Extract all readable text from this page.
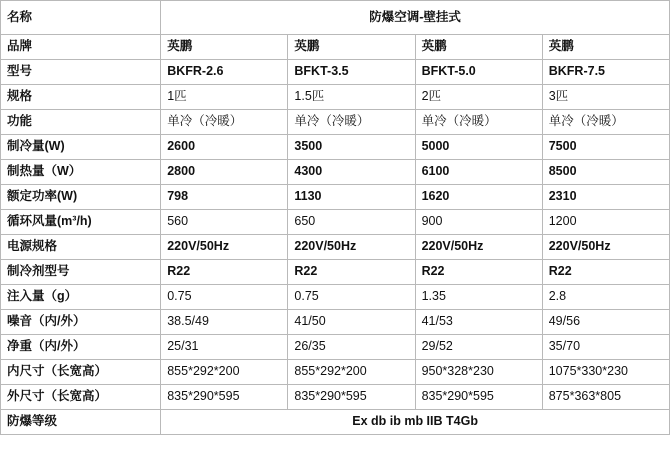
名称	防爆空调-壁挂式			
品牌	英鹏	英鹏	英鹏	英鹏
型号	BKFR-2.6	BFKT-3.5	BFKT-5.0	BKFR-7.5
规格	1匹	1.5匹	2匹	3匹
功能	单冷（冷暖）	单冷（冷暖）	单冷（冷暖）	单冷（冷暖）
制冷量(W)	2600	3500	5000	7500
制热量（W）	2800	4300	6100	8500
额定功率(W)	798	1130	1620	2310
循环风量(m³/h)	560	650	900	1200
电源规格	220V/50Hz	220V/50Hz	220V/50Hz	220V/50Hz
制冷剂型号	R22	R22	R22	R22
注入量（g）	0.75	0.75	1.35	2.8
噪音（内/外）	38.5/49	41/50	41/53	49/56
净重（内/外）	25/31	26/35	29/52	35/70
内尺寸（长宽高）	855*292*200	855*292*200	950*328*230	1075*330*230
外尺寸（长宽高）	835*290*595	835*290*595	835*290*595	875*363*805
防爆等级	Ex db ib mb IIB T4Gb			
